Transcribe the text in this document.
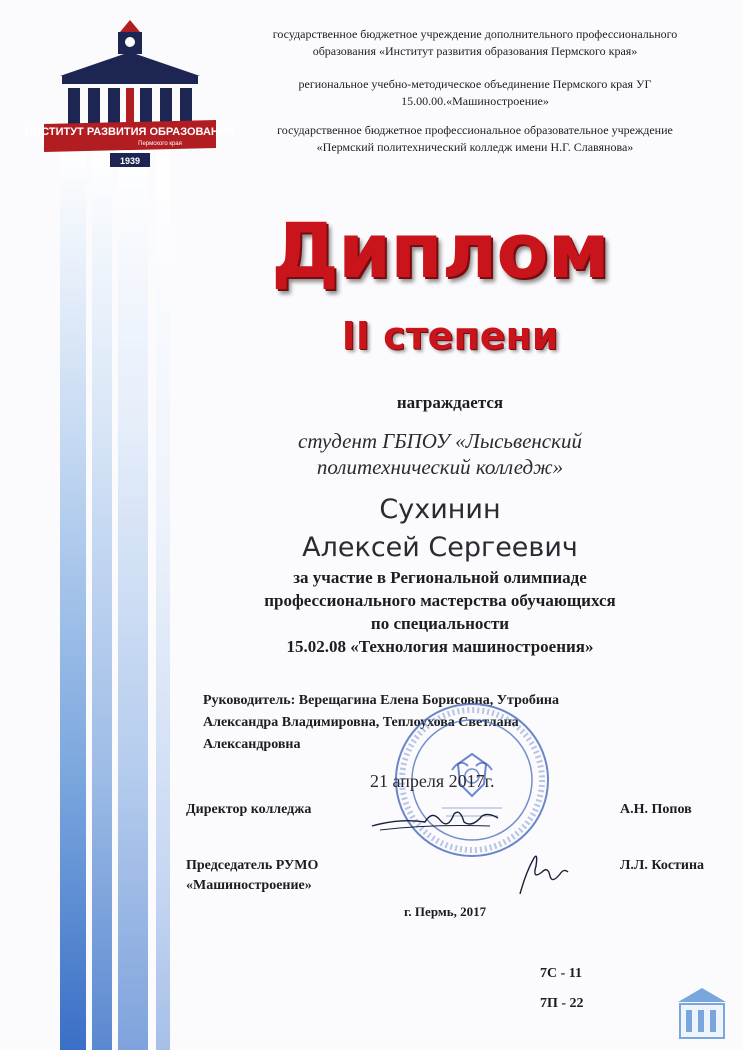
ИНСТИТУТ РАЗВИТИЯ ОБРАЗОВАНИЯ
Пермского края
1939
государственное бюджетное учреждение дополнительного профессионального
образования «Институт развития образования Пермского края»
региональное учебно-методическое объединение Пермского края УГ
15.00.00.«Машиностроение»
государственное бюджетное профессиональное образовательное учреждение
«Пермский политехнический колледж имени Н.Г. Славянова»
Диплом
II степени
награждается
студент ГБПОУ «Лысьвенский
политехнический колледж»
Сухинин
Алексей Сергеевич
за участие в Региональной олимпиаде
профессионального мастерства обучающихся
по специальности
15.02.08 «Технология машиностроения»
Руководитель: Верещагина Елена Борисовна, Утробина
Александра Владимировна, Теплоухова Светлана
Александровна
21 апреля 2017г.
Директор колледжа	А.Н. Попов
Председатель РУМО
«Машиностроение»
Л.Л. Костина
г. Пермь, 2017
7С - 11
7П - 22
